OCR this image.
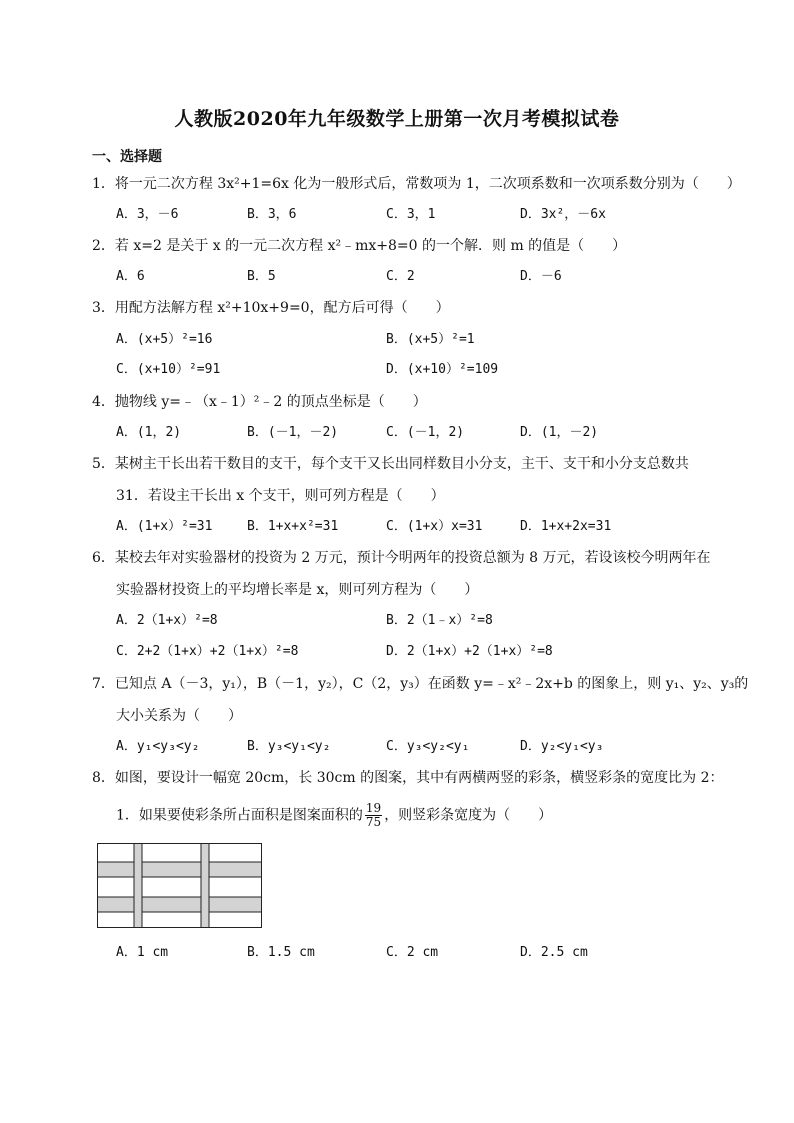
人教版2020年九年级数学上册第一次月考模拟试卷
一、选择题
1．将一元二次方程 3x²+1=6x 化为一般形式后，常数项为 1，二次项系数和一次项系数分别为（　　）
A．3，－6	B．3，6	C．3，1	D．3x²，－6x
2．若 x=2 是关于 x 的一元二次方程 x²﹣mx+8=0 的一个解．则 m 的值是（　　）
A．6	B．5	C．2	D．－6
3．用配方法解方程 x²+10x+9=0，配方后可得（　　）
A．(x+5）²=16	B．(x+5）²=1
C．(x+10）²=91	D．(x+10）²=109
4．抛物线 y=﹣（x﹣1）²﹣2 的顶点坐标是（　　）
A．(1，2)	B．(－1，－2)	C．(－1，2)	D．(1，－2)
5．某树主干长出若干数目的支干，每个支干又长出同样数目小分支，主干、支干和小分支总数共
31．若设主干长出 x 个支干，则可列方程是（　　）
A．(1+x）²=31	B．1+x+x²=31	C．(1+x）x=31	D．1+x+2x=31
6．某校去年对实验器材的投资为 2 万元，预计今明两年的投资总额为 8 万元，若设该校今明两年在
实验器材投资上的平均增长率是 x，则可列方程为（　　）
A．2（1+x）²=8	B．2（1﹣x）²=8
C．2+2（1+x）+2（1+x）²=8	D．2（1+x）+2（1+x）²=8
7．已知点 A（－3，y₁），B（－1，y₂），C（2，y₃）在函数 y=﹣x²﹣2x+b 的图象上，则 y₁、y₂、y₃的
大小关系为（　　）
A．y₁<y₃<y₂	B．y₃<y₁<y₂	C．y₃<y₂<y₁	D．y₂<y₁<y₃
8．如图，要设计一幅宽 20cm，长 30cm 的图案，其中有两横两竖的彩条，横竖彩条的宽度比为 2：
1．如果要使彩条所占面积是图案面积的 $\frac{19}{75}$ ，则竖彩条宽度为（　　）
A．1 cm	B．1.5 cm	C．2 cm	D．2.5 cm
